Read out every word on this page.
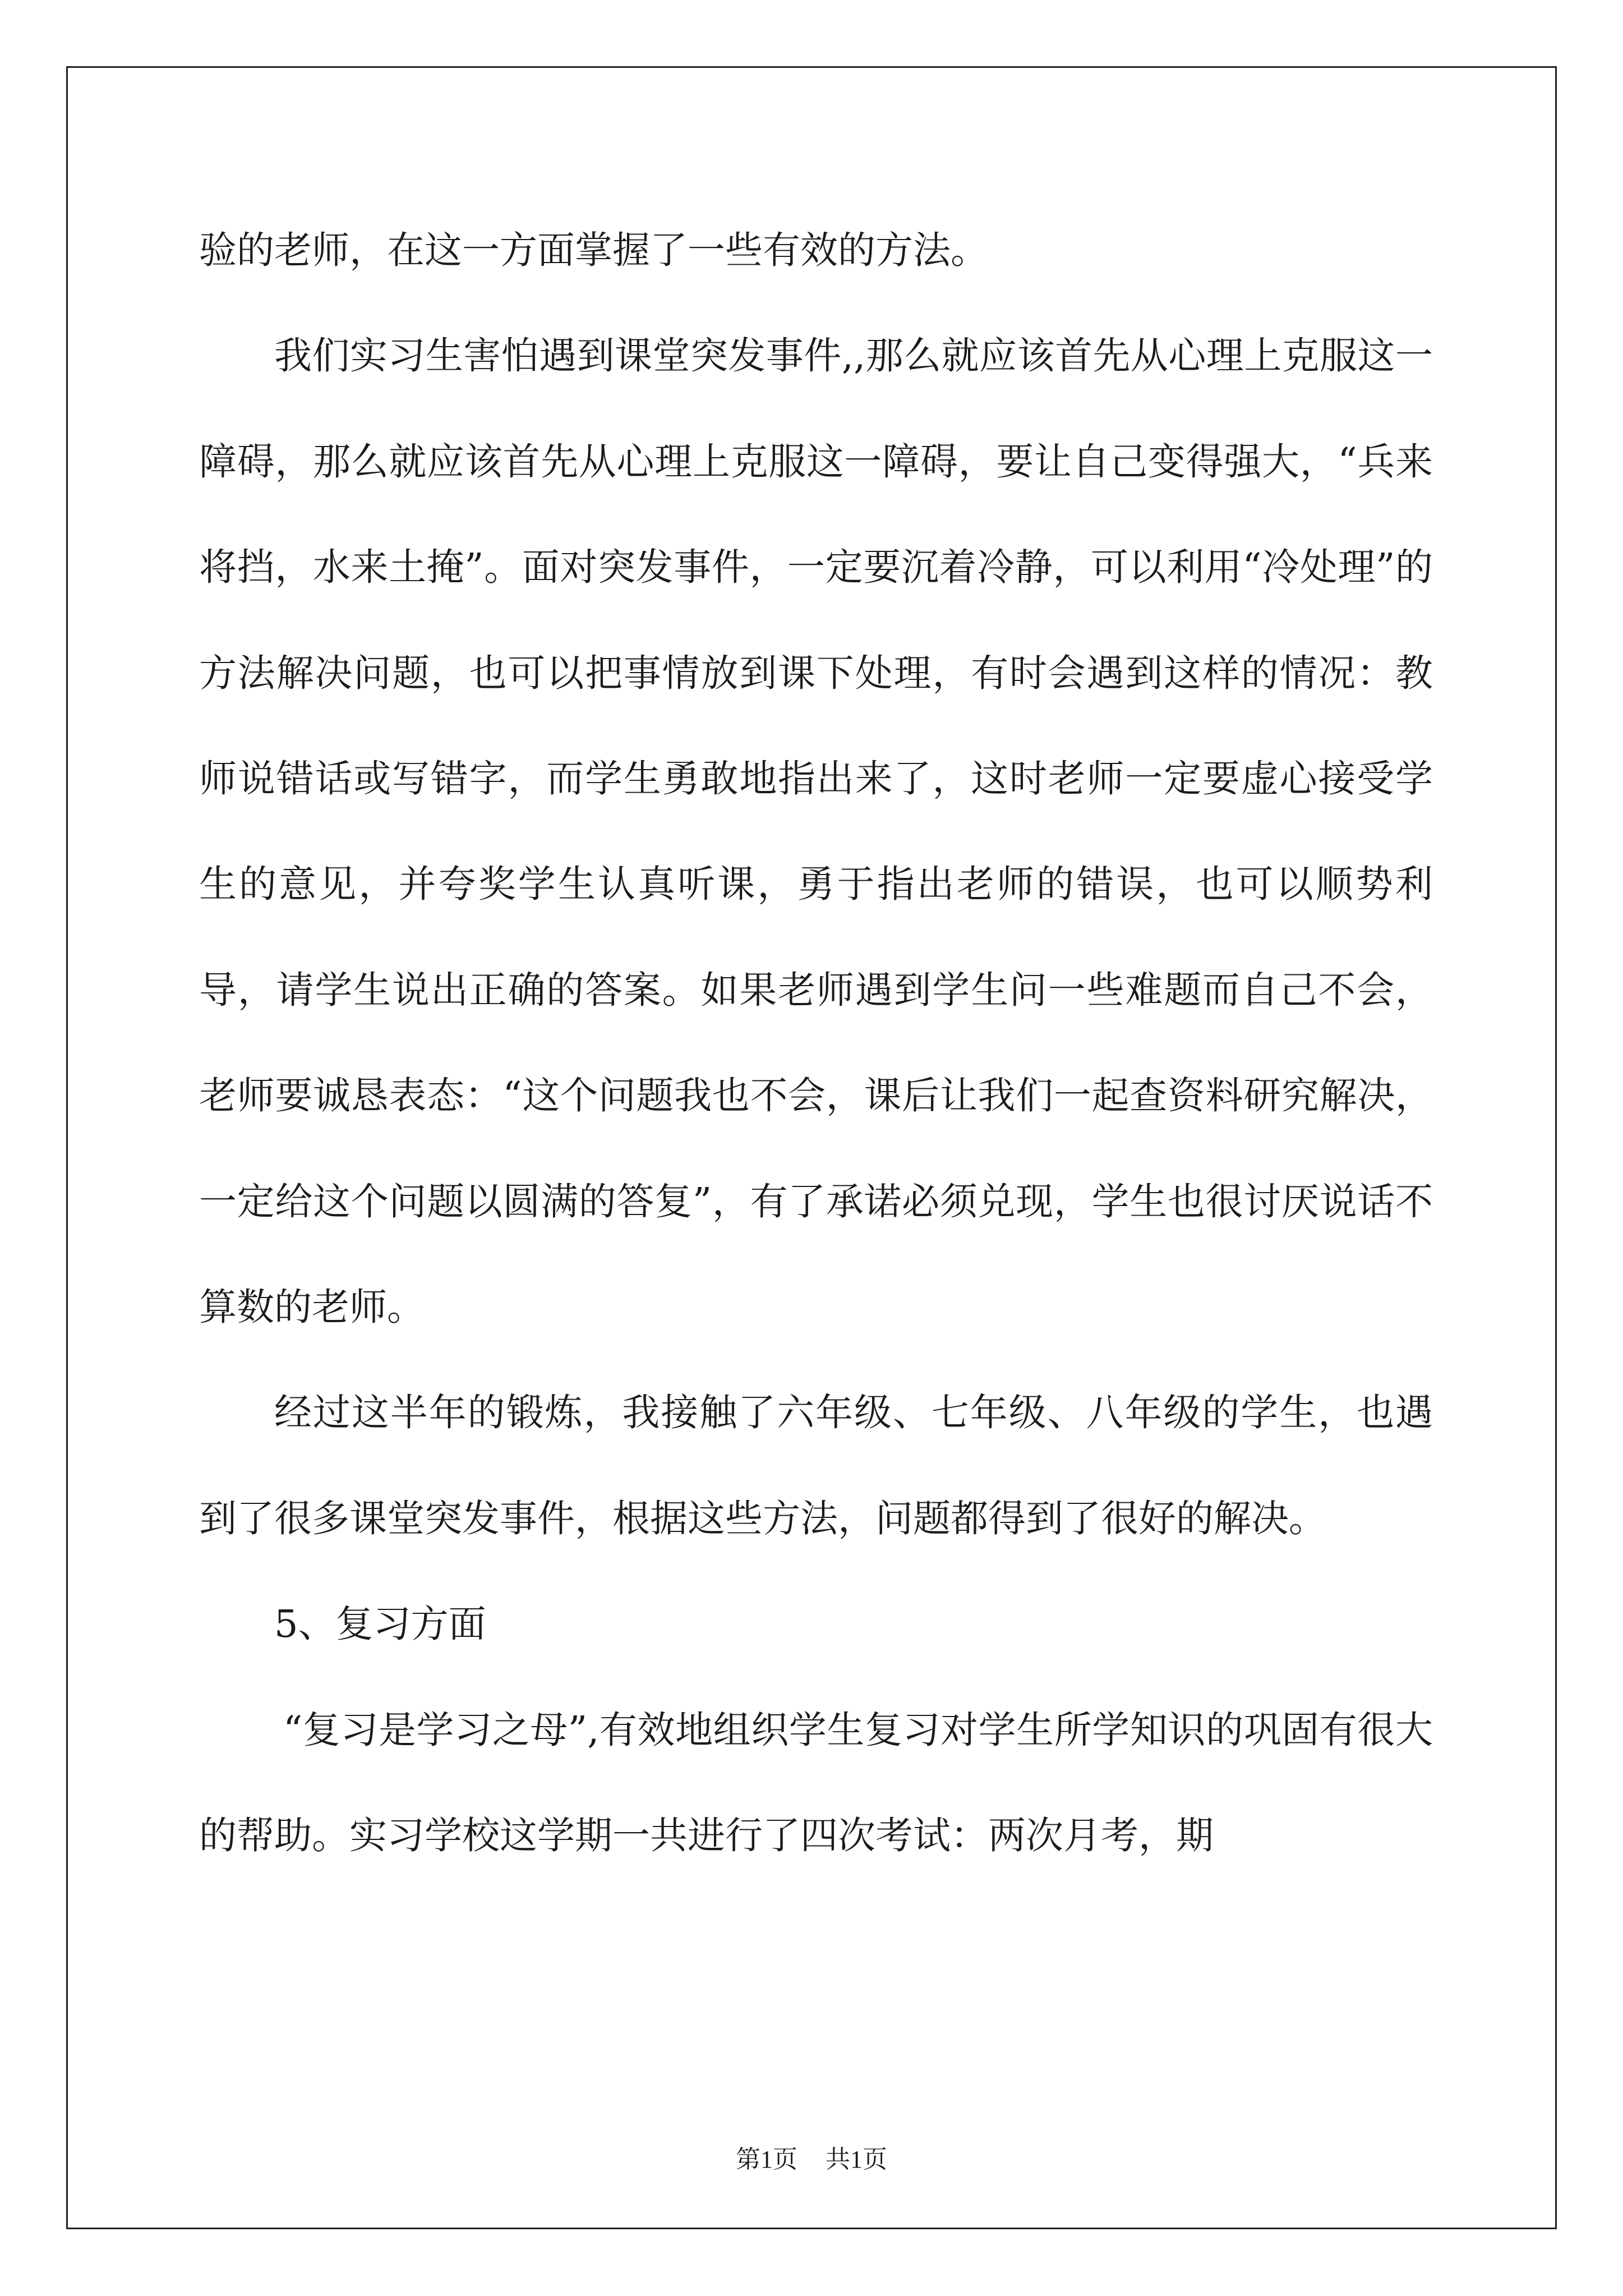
验的老师，在这一方面掌握了一些有效的方法。

我们实习生害怕遇到课堂突发事件,,那么就应该首先从心理上克服这一障碍，那么就应该首先从心理上克服这一障碍，要让自己变得强大，“兵来将挡，水来土掩”。面对突发事件，一定要沉着冷静，可以利用“冷处理”的方法解决问题，也可以把事情放到课下处理，有时会遇到这样的情况：教师说错话或写错字，而学生勇敢地指出来了，这时老师一定要虚心接受学生的意见，并夸奖学生认真听课，勇于指出老师的错误，也可以顺势利导，请学生说出正确的答案。如果老师遇到学生问一些难题而自己不会，老师要诚恳表态：“这个问题我也不会，课后让我们一起查资料研究解决，一定给这个问题以圆满的答复”，有了承诺必须兑现，学生也很讨厌说话不算数的老师。

经过这半年的锻炼，我接触了六年级、七年级、八年级的学生，也遇到了很多课堂突发事件，根据这些方法，问题都得到了很好的解决。

5、复习方面

“复习是学习之母”,有效地组织学生复习对学生所学知识的巩固有很大的帮助。实习学校这学期一共进行了四次考试：两次月考，期

第1页 共1页
